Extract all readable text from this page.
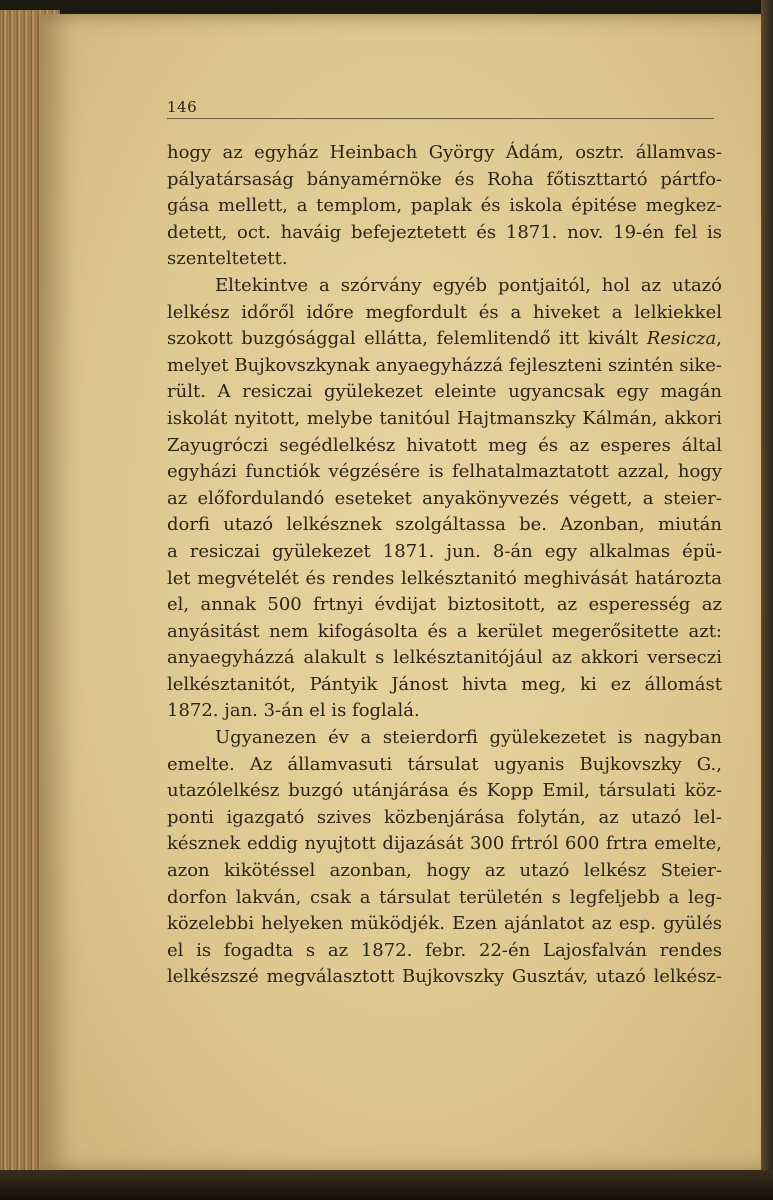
146
hogy az egyház Heinbach György Ádám, osztr. államvas-
pályatársaság bányamérnöke és Roha főtiszttartó pártfo-
gása mellett, a templom, paplak és iskola épitése megkez-
detett, oct. haváig befejeztetett és 1871. nov. 19-én fel is
szenteltetett.
Eltekintve a szórvány egyéb pontjaitól, hol az utazó
lelkész időről időre megfordult és a hiveket a lelkiekkel
szokott buzgósággal ellátta, felemlitendő itt kivált Resicza,
melyet Bujkovszkynak anyaegyházzá fejleszteni szintén sike-
rült. A resiczai gyülekezet eleinte ugyancsak egy magán
iskolát nyitott, melybe tanitóul Hajtmanszky Kálmán, akkori
Zayugróczi segédlelkész hivatott meg és az esperes által
egyházi functiók végzésére is felhatalmaztatott azzal, hogy
az előfordulandó eseteket anyakönyvezés végett, a steier-
dorfi utazó lelkésznek szolgáltassa be. Azonban, miután
a resiczai gyülekezet 1871. jun. 8-án egy alkalmas épü-
let megvételét és rendes lelkésztanitó meghivását határozta
el, annak 500 frtnyi évdijat biztositott, az esperesség az
anyásitást nem kifogásolta és a kerület megerősitette azt:
anyaegyházzá alakult s lelkésztanitójául az akkori verseczi
lelkésztanitót, Pántyik Jánost hivta meg, ki ez állomást
1872. jan. 3-án el is foglalá.
Ugyanezen év a steierdorfi gyülekezetet is nagyban
emelte. Az államvasuti társulat ugyanis Bujkovszky G.,
utazólelkész buzgó utánjárása és Kopp Emil, társulati köz-
ponti igazgató szives közbenjárása folytán, az utazó lel-
késznek eddig nyujtott dijazását 300 frtról 600 frtra emelte,
azon kikötéssel azonban, hogy az utazó lelkész Steier-
dorfon lakván, csak a társulat területén s legfeljebb a leg-
közelebbi helyeken müködjék. Ezen ajánlatot az esp. gyülés
el is fogadta s az 1872. febr. 22-én Lajosfalván rendes
lelkészszé megválasztott Bujkovszky Gusztáv, utazó lelkész-
